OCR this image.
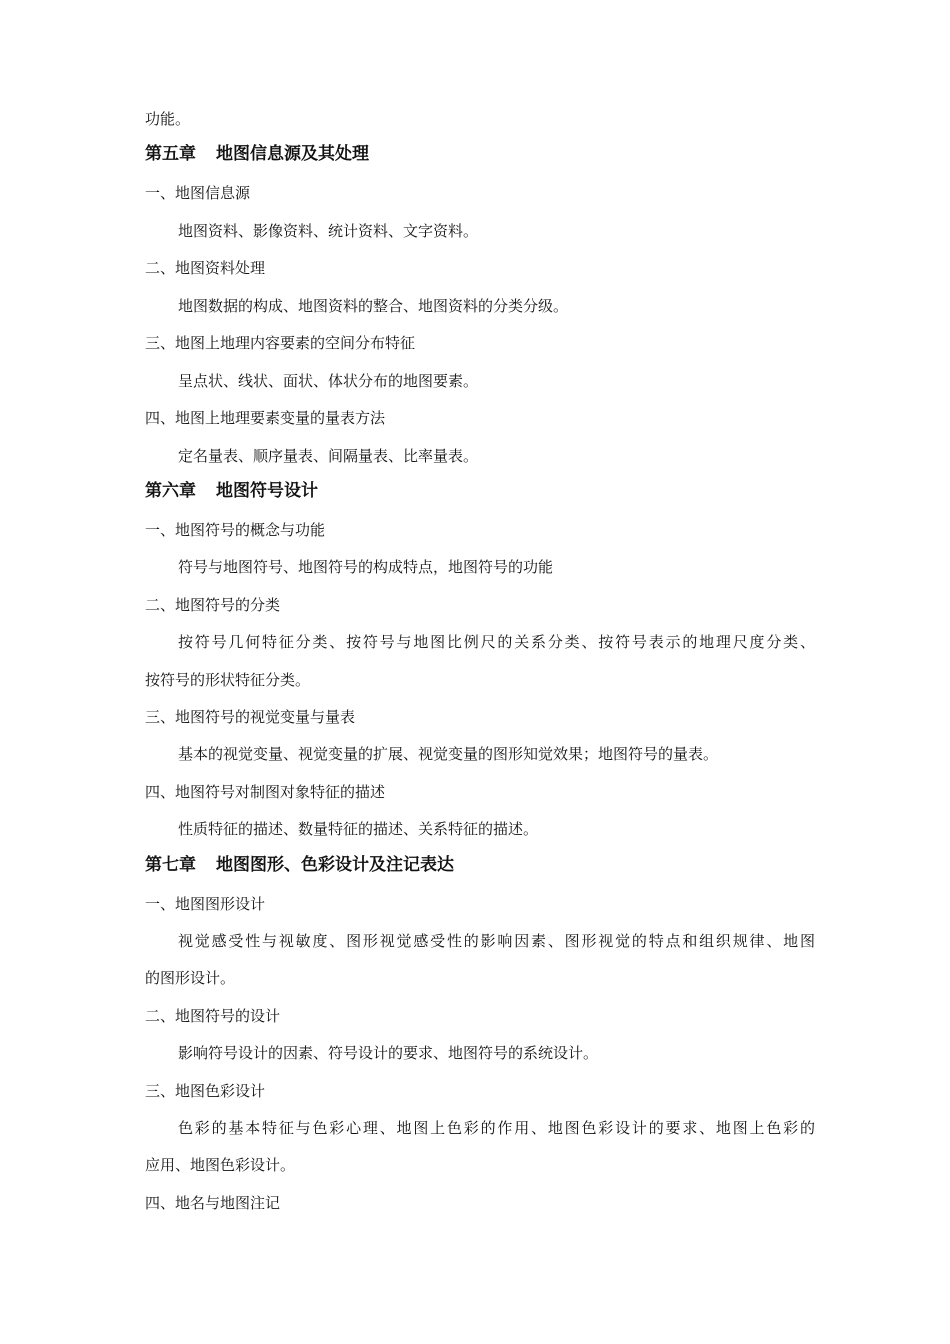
功能。
第五章 地图信息源及其处理
一、地图信息源
地图资料、影像资料、统计资料、文字资料。
二、地图资料处理
地图数据的构成、地图资料的整合、地图资料的分类分级。
三、地图上地理内容要素的空间分布特征
呈点状、线状、面状、体状分布的地图要素。
四、地图上地理要素变量的量表方法
定名量表、顺序量表、间隔量表、比率量表。
第六章 地图符号设计
一、地图符号的概念与功能
符号与地图符号、地图符号的构成特点，地图符号的功能
二、地图符号的分类
按符号几何特征分类、按符号与地图比例尺的关系分类、按符号表示的地理尺度分类、
按符号的形状特征分类。
三、地图符号的视觉变量与量表
基本的视觉变量、视觉变量的扩展、视觉变量的图形知觉效果；地图符号的量表。
四、地图符号对制图对象特征的描述
性质特征的描述、数量特征的描述、关系特征的描述。
第七章 地图图形、色彩设计及注记表达
一、地图图形设计
视觉感受性与视敏度、图形视觉感受性的影响因素、图形视觉的特点和组织规律、地图
的图形设计。
二、地图符号的设计
影响符号设计的因素、符号设计的要求、地图符号的系统设计。
三、地图色彩设计
色彩的基本特征与色彩心理、地图上色彩的作用、地图色彩设计的要求、地图上色彩的
应用、地图色彩设计。
四、地名与地图注记
